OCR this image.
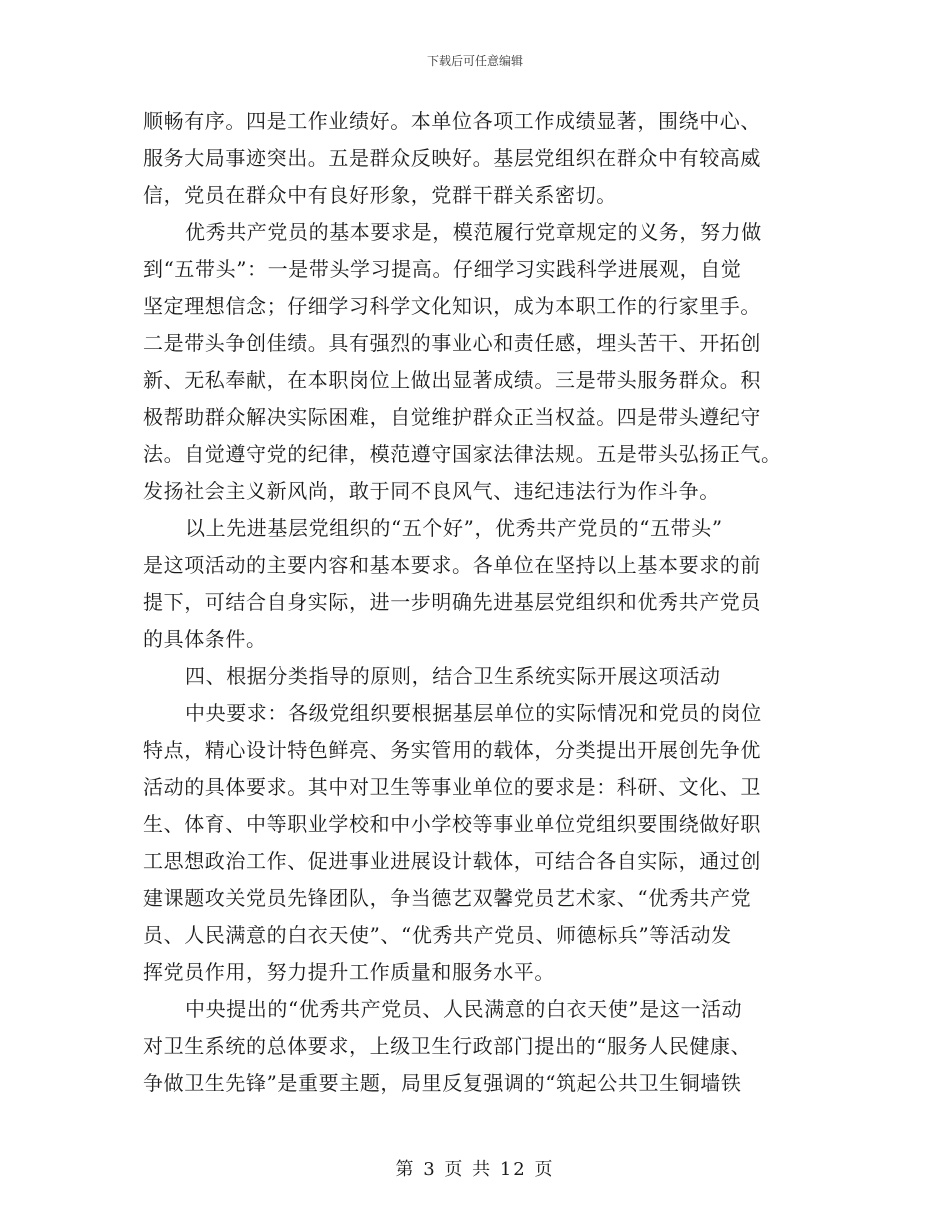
下载后可任意编辑
顺畅有序。四是工作业绩好。本单位各项工作成绩显著，围绕中心、
服务大局事迹突出。五是群众反映好。基层党组织在群众中有较高威
信，党员在群众中有良好形象，党群干群关系密切。
优秀共产党员的基本要求是，模范履行党章规定的义务，努力做
到“五带头”：一是带头学习提高。仔细学习实践科学进展观，自觉
坚定理想信念；仔细学习科学文化知识，成为本职工作的行家里手。
二是带头争创佳绩。具有强烈的事业心和责任感，埋头苦干、开拓创
新、无私奉献，在本职岗位上做出显著成绩。三是带头服务群众。积
极帮助群众解决实际困难，自觉维护群众正当权益。四是带头遵纪守
法。自觉遵守党的纪律，模范遵守国家法律法规。五是带头弘扬正气。
发扬社会主义新风尚，敢于同不良风气、违纪违法行为作斗争。
以上先进基层党组织的“五个好”，优秀共产党员的“五带头”
是这项活动的主要内容和基本要求。各单位在坚持以上基本要求的前
提下，可结合自身实际，进一步明确先进基层党组织和优秀共产党员
的具体条件。
四、根据分类指导的原则，结合卫生系统实际开展这项活动
中央要求：各级党组织要根据基层单位的实际情况和党员的岗位
特点，精心设计特色鲜亮、务实管用的载体，分类提出开展创先争优
活动的具体要求。其中对卫生等事业单位的要求是：科研、文化、卫
生、体育、中等职业学校和中小学校等事业单位党组织要围绕做好职
工思想政治工作、促进事业进展设计载体，可结合各自实际，通过创
建课题攻关党员先锋团队，争当德艺双馨党员艺术家、“优秀共产党
员、人民满意的白衣天使”、“优秀共产党员、师德标兵”等活动发
挥党员作用，努力提升工作质量和服务水平。
中央提出的“优秀共产党员、人民满意的白衣天使”是这一活动
对卫生系统的总体要求，上级卫生行政部门提出的“服务人民健康、
争做卫生先锋”是重要主题，局里反复强调的“筑起公共卫生铜墙铁
第 3 页 共 12 页
